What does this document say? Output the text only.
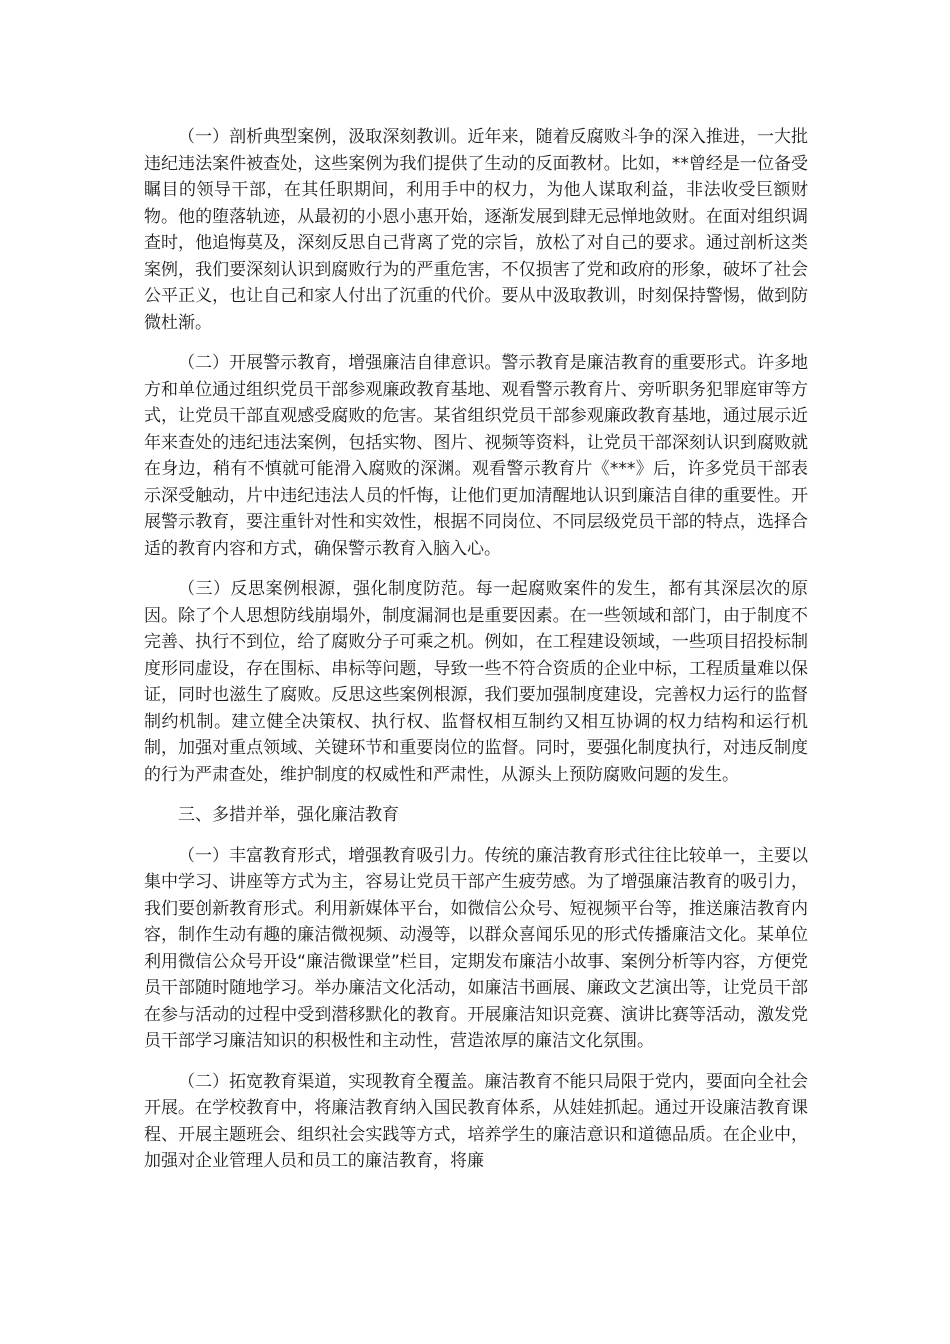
（一）剖析典型案例，汲取深刻教训。近年来，随着反腐败斗争的深入推进，一大批违纪违法案件被查处，这些案例为我们提供了生动的反面教材。比如，**曾经是一位备受瞩目的领导干部，在其任职期间，利用手中的权力，为他人谋取利益，非法收受巨额财物。他的堕落轨迹，从最初的小恩小惠开始，逐渐发展到肆无忌惮地敛财。在面对组织调查时，他追悔莫及，深刻反思自己背离了党的宗旨，放松了对自己的要求。通过剖析这类案例，我们要深刻认识到腐败行为的严重危害，不仅损害了党和政府的形象，破坏了社会公平正义，也让自己和家人付出了沉重的代价。要从中汲取教训，时刻保持警惕，做到防微杜渐。

（二）开展警示教育，增强廉洁自律意识。警示教育是廉洁教育的重要形式。许多地方和单位通过组织党员干部参观廉政教育基地、观看警示教育片、旁听职务犯罪庭审等方式，让党员干部直观感受腐败的危害。某省组织党员干部参观廉政教育基地，通过展示近年来查处的违纪违法案例，包括实物、图片、视频等资料，让党员干部深刻认识到腐败就在身边，稍有不慎就可能滑入腐败的深渊。观看警示教育片《***》后，许多党员干部表示深受触动，片中违纪违法人员的忏悔，让他们更加清醒地认识到廉洁自律的重要性。开展警示教育，要注重针对性和实效性，根据不同岗位、不同层级党员干部的特点，选择合适的教育内容和方式，确保警示教育入脑入心。

（三）反思案例根源，强化制度防范。每一起腐败案件的发生，都有其深层次的原因。除了个人思想防线崩塌外，制度漏洞也是重要因素。在一些领域和部门，由于制度不完善、执行不到位，给了腐败分子可乘之机。例如，在工程建设领域，一些项目招投标制度形同虚设，存在围标、串标等问题，导致一些不符合资质的企业中标，工程质量难以保证，同时也滋生了腐败。反思这些案例根源，我们要加强制度建设，完善权力运行的监督制约机制。建立健全决策权、执行权、监督权相互制约又相互协调的权力结构和运行机制，加强对重点领域、关键环节和重要岗位的监督。同时，要强化制度执行，对违反制度的行为严肃查处，维护制度的权威性和严肃性，从源头上预防腐败问题的发生。

三、多措并举，强化廉洁教育

（一）丰富教育形式，增强教育吸引力。传统的廉洁教育形式往往比较单一，主要以集中学习、讲座等方式为主，容易让党员干部产生疲劳感。为了增强廉洁教育的吸引力，我们要创新教育形式。利用新媒体平台，如微信公众号、短视频平台等，推送廉洁教育内容，制作生动有趣的廉洁微视频、动漫等，以群众喜闻乐见的形式传播廉洁文化。某单位利用微信公众号开设“廉洁微课堂”栏目，定期发布廉洁小故事、案例分析等内容，方便党员干部随时随地学习。举办廉洁文化活动，如廉洁书画展、廉政文艺演出等，让党员干部在参与活动的过程中受到潜移默化的教育。开展廉洁知识竞赛、演讲比赛等活动，激发党员干部学习廉洁知识的积极性和主动性，营造浓厚的廉洁文化氛围。

（二）拓宽教育渠道，实现教育全覆盖。廉洁教育不能只局限于党内，要面向全社会开展。在学校教育中，将廉洁教育纳入国民教育体系，从娃娃抓起。通过开设廉洁教育课程、开展主题班会、组织社会实践等方式，培养学生的廉洁意识和道德品质。在企业中，加强对企业管理人员和员工的廉洁教育，将廉
